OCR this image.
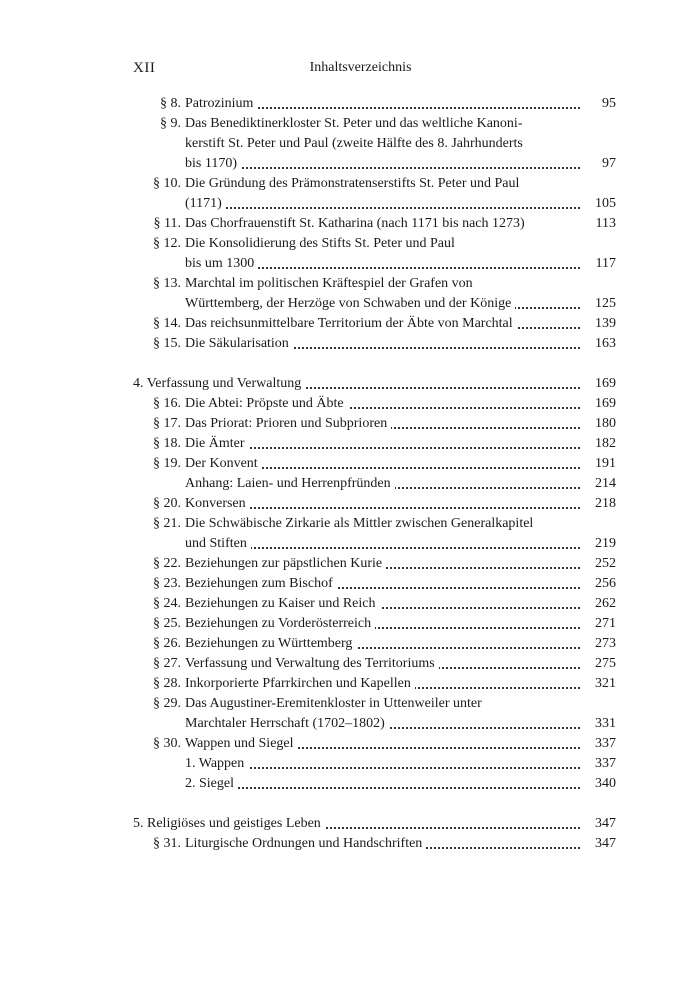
XII	Inhaltsverzeichnis
§ 8. Patrozinium	95
§ 9. Das Benediktinerkloster St. Peter und das weltliche Kanoni-
kerstift St. Peter und Paul (zweite Hälfte des 8. Jahrhunderts
bis 1170)	97
§ 10. Die Gründung des Prämonstratenserstifts St. Peter und Paul
(1171)	105
§ 11. Das Chorfrauenstift St. Katharina (nach 1171 bis nach 1273)	113
§ 12. Die Konsolidierung des Stifts St. Peter und Paul
bis um 1300	117
§ 13. Marchtal im politischen Kräftespiel der Grafen von
Württemberg, der Herzöge von Schwaben und der Könige	125
§ 14. Das reichsunmittelbare Territorium der Äbte von Marchtal	139
§ 15. Die Säkularisation	163
4. Verfassung und Verwaltung	169
§ 16. Die Abtei: Pröpste und Äbte	169
§ 17. Das Priorat: Prioren und Subprioren	180
§ 18. Die Ämter	182
§ 19. Der Konvent	191
Anhang: Laien- und Herrenpfründen	214
§ 20. Konversen	218
§ 21. Die Schwäbische Zirkarie als Mittler zwischen Generalkapitel
und Stiften	219
§ 22. Beziehungen zur päpstlichen Kurie	252
§ 23. Beziehungen zum Bischof	256
§ 24. Beziehungen zu Kaiser und Reich	262
§ 25. Beziehungen zu Vorderösterreich	271
§ 26. Beziehungen zu Württemberg	273
§ 27. Verfassung und Verwaltung des Territoriums	275
§ 28. Inkorporierte Pfarrkirchen und Kapellen	321
§ 29. Das Augustiner-Eremitenkloster in Uttenweiler unter
Marchtaler Herrschaft (1702–1802)	331
§ 30. Wappen und Siegel	337
1. Wappen	337
2. Siegel	340
5. Religiöses und geistiges Leben	347
§ 31. Liturgische Ordnungen und Handschriften	347
